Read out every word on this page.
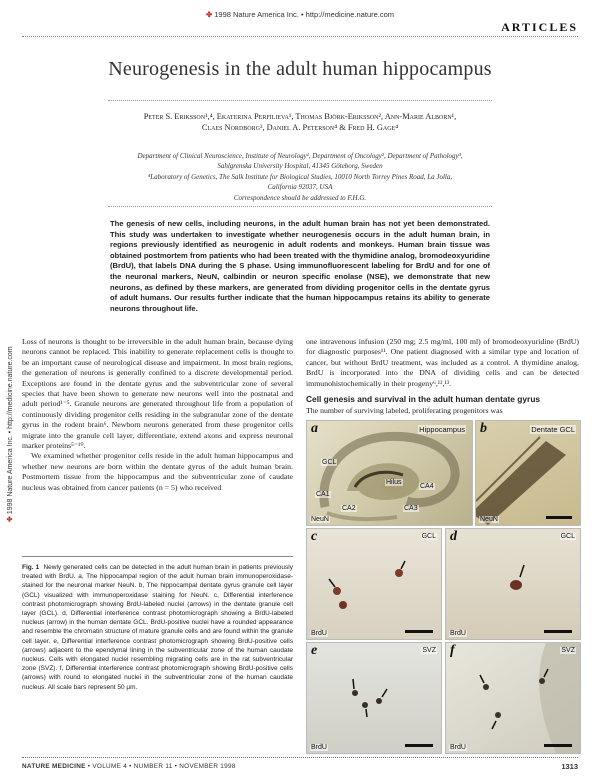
✤ 1998 Nature America Inc. • http://medicine.nature.com
ARTICLES
Neurogenesis in the adult human hippocampus
Peter S. Eriksson¹,⁴, Ekaterina Perfilieva¹, Thomas Björk-Eriksson², Ann-Marie Alborn¹,
Claes Nordborg³, Daniel A. Peterson⁴ & Fred H. Gage⁴
Department of Clinical Neuroscience, Institute of Neurology¹, Department of Oncology², Department of Pathology³,
Sahlgrenska University Hospital, 41345 Göteborg, Sweden
⁴Laboratory of Genetics, The Salk Institute for Biological Studies, 10010 North Torrey Pines Road, La Jolla,
California 92037, USA
Correspondence should be addressed to F.H.G.
The genesis of new cells, including neurons, in the adult human brain has not yet been demonstrated. This study was undertaken to investigate whether neurogenesis occurs in the adult human brain, in regions previously identified as neurogenic in adult rodents and monkeys. Human brain tissue was obtained postmortem from patients who had been treated with the thymidine analog, bromodeoxyuridine (BrdU), that labels DNA during the S phase. Using immunofluorescent labeling for BrdU and for one of the neuronal markers, NeuN, calbindin or neuron specific enolase (NSE), we demonstrate that new neurons, as defined by these markers, are generated from dividing progenitor cells in the dentate gyrus of adult humans. Our results further indicate that the human hippocampus retains its ability to generate neurons throughout life.
✤ 1998 Nature America Inc. • http://medicine.nature.com

Loss of neurons is thought to be irreversible in the adult human brain, because dying neurons cannot be replaced. This inability to generate replacement cells is thought to be an important cause of neurological disease and impairment. In most brain regions, the generation of neurons is generally confined to a discrete developmental period. Exceptions are found in the dentate gyrus and the subventricular zone of several species that have been shown to generate new neurons well into the postnatal and adult period¹⁻⁵. Granule neurons are generated throughout life from a population of continuously dividing progenitor cells residing in the subgranular zone of the dentate gyrus in the rodent brain⁶. Newborn neurons generated from these progenitor cells migrate into the granule cell layer, differentiate, extend axons and express neuronal marker proteins⁵⁻¹⁰.

We examined whether progenitor cells reside in the adult human hippocampus and whether new neurons are born within the dentate gyrus of the adult human brain. Postmortem tissue from the hippocampus and the subventricular zone of caudate nucleus was obtained from cancer patients (n = 5) who received

one intravenous infusion (250 mg; 2.5 mg/ml, 100 ml) of bromodeoxyuridine (BrdU) for diagnostic purposes¹¹. One patient diagnosed with a similar type and location of cancer, but without BrdU treatment, was included as a control. A thymidine analog, BrdU is incorporated into the DNA of dividing cells and can be detected immunohistochemically in their progeny⁶,¹²,¹³.

Cell genesis and survival in the adult human dentate gyrus

The number of surviving labeled, proliferating progenitors was

a	Hippocampus
GCL
Hilus
CA1
CA2	CA3
CA4
NeuN
b	Dentate GCL
NeuN
c	GCL
BrdU
d	GCL
BrdU
e	SVZ
BrdU
f	SVZ
BrdU
Fig. 1 Newly generated cells can be detected in the adult human brain in patients previously treated with BrdU. a, The hippocampal region of the adult human brain immunoperoxidase-stained for the neuronal marker NeuN. b, The hippocampal dentate gyrus granule cell layer (GCL) visualized with immunoperoxidase staining for NeuN. c, Differential interference contrast photomicrograph showing BrdU-labeled nuclei (arrows) in the dentate granule cell layer (GCL). d, Differential interference contrast photomicrograph showing a BrdU-labeled nucleus (arrow) in the human dentate GCL. BrdU-positive nuclei have a rounded appearance and resemble the chromatin structure of mature granule cells and are found within the granule cell layer. e, Differential interference contrast photomicrograph showing BrdU-positive cells (arrows) adjacent to the ependymal lining in the subventricular zone of the human caudate nucleus. Cells with elongated nuclei resembling migrating cells are in the rat subventricular zone (SVZ). f, Differential interference contrast photomicrograph showing BrdU-positive cells (arrows) with round to elongated nuclei in the subventricular zone of the human caudate nucleus. All scale bars represent 50 μm.
NATURE MEDICINE • VOLUME 4 • NUMBER 11 • NOVEMBER 1998	1313
